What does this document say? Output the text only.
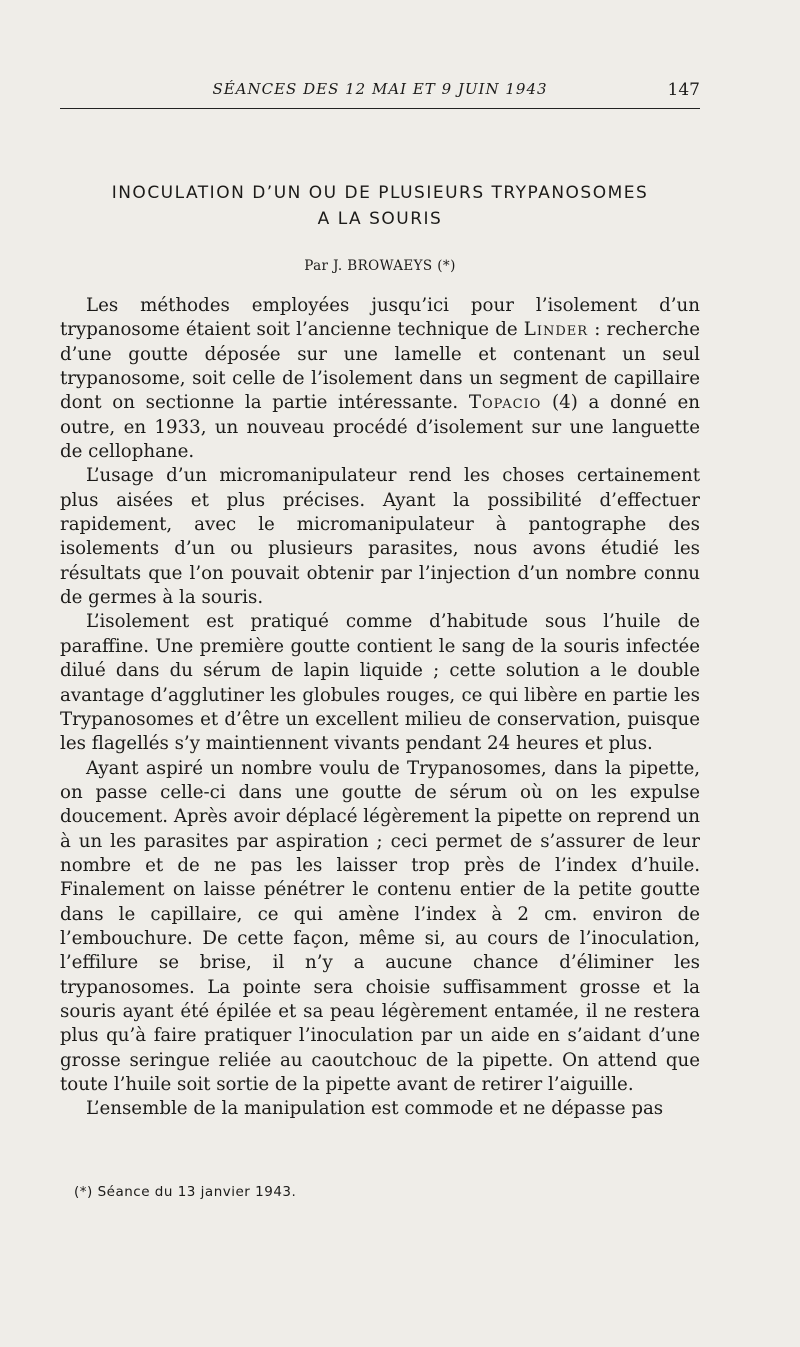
SÉANCES DES 12 MAI ET 9 JUIN 1943	147
INOCULATION D’UN OU DE PLUSIEURS TRYPANOSOMES
A LA SOURIS
Par J. BROWAEYS (*)

Les méthodes employées jusqu’ici pour l’isolement d’un trypanosome étaient soit l’ancienne technique de Linder : recherche d’une goutte déposée sur une lamelle et contenant un seul trypanosome, soit celle de l’isolement dans un segment de capillaire dont on sectionne la partie intéressante. Topacio (4) a donné en outre, en 1933, un nouveau procédé d’isolement sur une languette de cellophane.

L’usage d’un micromanipulateur rend les choses certainement plus aisées et plus précises. Ayant la possibilité d’effectuer rapidement, avec le micromanipulateur à pantographe des isolements d’un ou plusieurs parasites, nous avons étudié les résultats que l’on pouvait obtenir par l’injection d’un nombre connu de germes à la souris.

L’isolement est pratiqué comme d’habitude sous l’huile de paraffine. Une première goutte contient le sang de la souris infectée dilué dans du sérum de lapin liquide ; cette solution a le double avantage d’agglutiner les globules rouges, ce qui libère en partie les Trypanosomes et d’être un excellent milieu de conservation, puisque les flagellés s’y maintiennent vivants pendant 24 heures et plus.

Ayant aspiré un nombre voulu de Trypanosomes, dans la pipette, on passe celle-ci dans une goutte de sérum où on les expulse doucement. Après avoir déplacé légèrement la pipette on reprend un à un les parasites par aspiration ; ceci permet de s’assurer de leur nombre et de ne pas les laisser trop près de l’index d’huile. Finalement on laisse pénétrer le contenu entier de la petite goutte dans le capillaire, ce qui amène l’index à 2 cm. environ de l’embouchure. De cette façon, même si, au cours de l’inoculation, l’effilure se brise, il n’y a aucune chance d’éliminer les trypanosomes. La pointe sera choisie suffisamment grosse et la souris ayant été épilée et sa peau légèrement entamée, il ne restera plus qu’à faire pratiquer l’inoculation par un aide en s’aidant d’une grosse seringue reliée au caoutchouc de la pipette. On attend que toute l’huile soit sortie de la pipette avant de retirer l’aiguille.

L’ensemble de la manipulation est commode et ne dépasse pas

(*) Séance du 13 janvier 1943.
